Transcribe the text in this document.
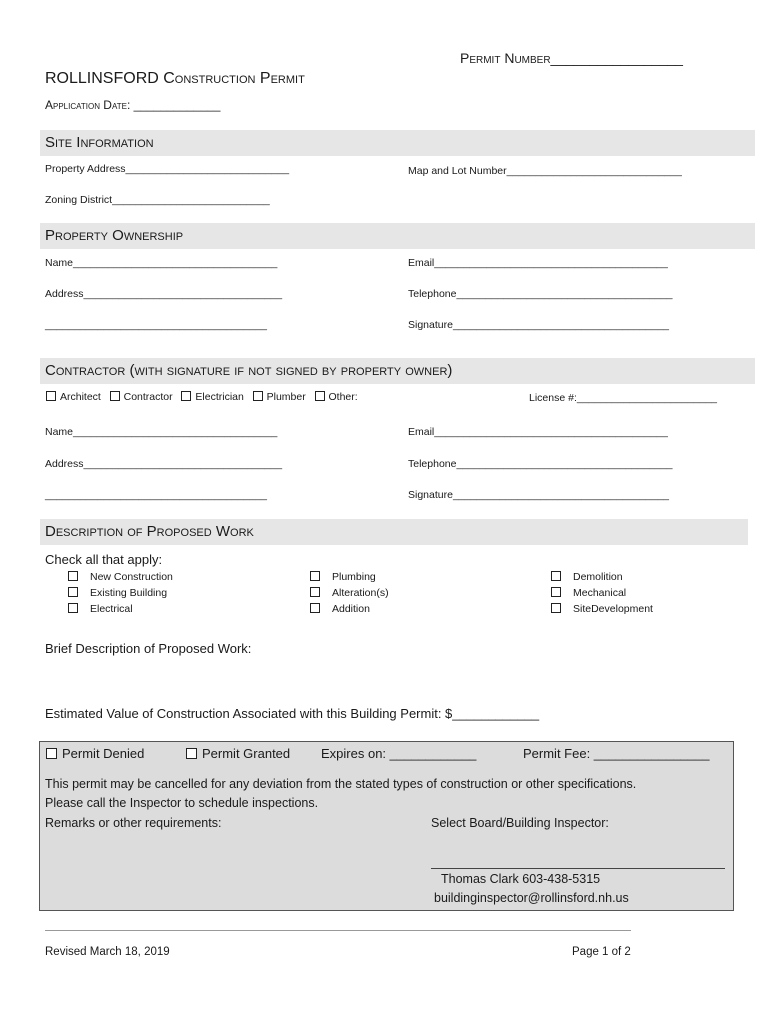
Permit Number_________________
ROLLINSFORD Construction Permit
Application Date: _____________
Site Information
Property Address____________________________	Map and Lot Number______________________________
Zoning District___________________________
Property Ownership
Name___________________________________	Email________________________________________
Address__________________________________	Telephone_____________________________________
______________________________________	Signature_____________________________________
Contractor (with signature if not signed by property owner)
Architect Contractor Electrician Plumber Other:	License #:________________________
Name___________________________________	Email________________________________________
Address__________________________________	Telephone_____________________________________
______________________________________	Signature_____________________________________
Description of Proposed Work
Check all that apply:
New Construction
Existing Building
Electrical
Plumbing
Alteration(s)
Addition
Demolition
Mechanical
SiteDevelopment
Brief Description of Proposed Work:
Estimated Value of Construction Associated with this Building Permit: $____________
Permit Denied	Permit Granted Expires on: ____________	Permit Fee: ________________
This permit may be cancelled for any deviation from the stated types of construction or other specifications.
Please call the Inspector to schedule inspections.
Remarks or other requirements:	Select Board/Building Inspector:
Thomas Clark 603-438-5315
buildinginspector@rollinsford.nh.us
Revised March 18, 2019	Page 1 of 2
